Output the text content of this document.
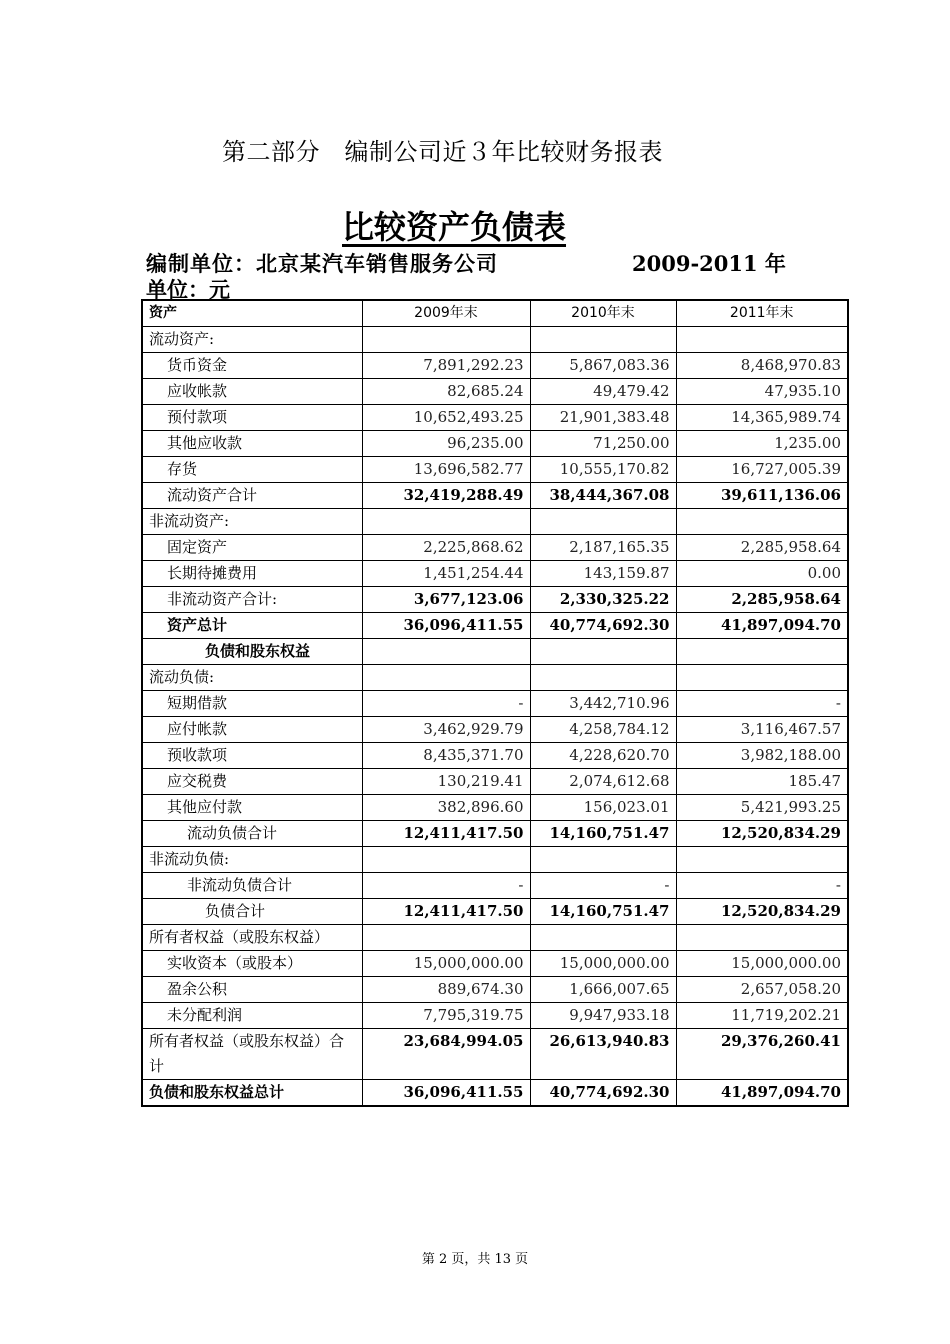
第二部分　编制公司近３年比较财务报表
比较资产负债表
编制单位：北京某汽车销售服务公司	2009-2011 年
单位：元
资产	2009年末	2010年末	2011年末
流动资产:			
货币资金	7,891,292.23	5,867,083.36	8,468,970.83
应收帐款	82,685.24	49,479.42	47,935.10
预付款项	10,652,493.25	21,901,383.48	14,365,989.74
其他应收款	96,235.00	71,250.00	1,235.00
存货	13,696,582.77	10,555,170.82	16,727,005.39
流动资产合计	32,419,288.49	38,444,367.08	39,611,136.06
非流动资产:			
固定资产	2,225,868.62	2,187,165.35	2,285,958.64
长期待摊费用	1,451,254.44	143,159.87	0.00
非流动资产合计:	3,677,123.06	2,330,325.22	2,285,958.64
资产总计	36,096,411.55	40,774,692.30	41,897,094.70
负债和股东权益			
流动负债:			
短期借款	-	3,442,710.96	-
应付帐款	3,462,929.79	4,258,784.12	3,116,467.57
预收款项	8,435,371.70	4,228,620.70	3,982,188.00
应交税费	130,219.41	2,074,612.68	185.47
其他应付款	382,896.60	156,023.01	5,421,993.25
流动负债合计	12,411,417.50	14,160,751.47	12,520,834.29
非流动负债:			
非流动负债合计	-	-	-
负债合计	12,411,417.50	14,160,751.47	12,520,834.29
所有者权益（或股东权益）			
实收资本（或股本）	15,000,000.00	15,000,000.00	15,000,000.00
盈余公积	889,674.30	1,666,007.65	2,657,058.20
未分配利润	7,795,319.75	9,947,933.18	11,719,202.21
所有者权益（或股东权益）合计	23,684,994.05	26,613,940.83	29,376,260.41
负债和股东权益总计	36,096,411.55	40,774,692.30	41,897,094.70
第 2 页，共 13 页
